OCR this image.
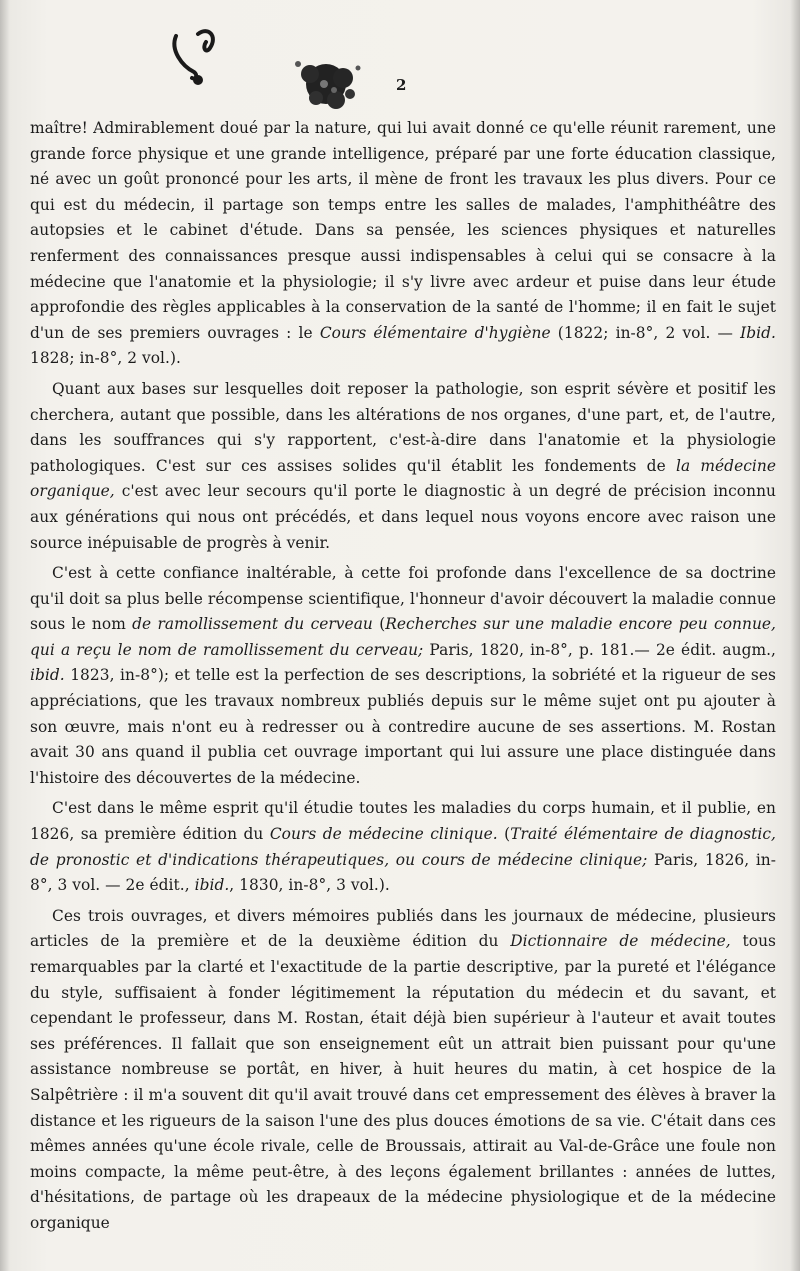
2

maître! Admirablement doué par la nature, qui lui avait donné ce qu'elle réunit rarement, une grande force physique et une grande intelligence, préparé par une forte éducation classique, né avec un goût prononcé pour les arts, il mène de front les travaux les plus divers. Pour ce qui est du médecin, il partage son temps entre les salles de malades, l'amphithéâtre des autopsies et le cabinet d'étude. Dans sa pensée, les sciences physiques et naturelles renferment des connaissances presque aussi indispensables à celui qui se consacre à la médecine que l'anatomie et la physiologie; il s'y livre avec ardeur et puise dans leur étude approfondie des règles applicables à la conservation de la santé de l'homme; il en fait le sujet d'un de ses premiers ouvrages : le Cours élémentaire d'hygiène (1822; in-8°, 2 vol. — Ibid. 1828; in-8°, 2 vol.).

Quant aux bases sur lesquelles doit reposer la pathologie, son esprit sévère et positif les cherchera, autant que possible, dans les altérations de nos organes, d'une part, et, de l'autre, dans les souffrances qui s'y rapportent, c'est-à-dire dans l'anatomie et la physiologie pathologiques. C'est sur ces assises solides qu'il établit les fondements de la médecine organique, c'est avec leur secours qu'il porte le diagnostic à un degré de précision inconnu aux générations qui nous ont précédés, et dans lequel nous voyons encore avec raison une source inépuisable de progrès à venir.

C'est à cette confiance inaltérable, à cette foi profonde dans l'excellence de sa doctrine qu'il doit sa plus belle récompense scientifique, l'honneur d'avoir découvert la maladie connue sous le nom de ramollissement du cerveau (Recherches sur une maladie encore peu connue, qui a reçu le nom de ramollissement du cerveau; Paris, 1820, in-8°, p. 181.— 2e édit. augm., ibid. 1823, in-8°); et telle est la perfection de ses descriptions, la sobriété et la rigueur de ses appréciations, que les travaux nombreux publiés depuis sur le même sujet ont pu ajouter à son œuvre, mais n'ont eu à redresser ou à contredire aucune de ses assertions. M. Rostan avait 30 ans quand il publia cet ouvrage important qui lui assure une place distinguée dans l'histoire des découvertes de la médecine.

C'est dans le même esprit qu'il étudie toutes les maladies du corps humain, et il publie, en 1826, sa première édition du Cours de médecine clinique. (Traité élémentaire de diagnostic, de pronostic et d'indications thérapeutiques, ou cours de médecine clinique; Paris, 1826, in-8°, 3 vol. — 2e édit., ibid., 1830, in-8°, 3 vol.).

Ces trois ouvrages, et divers mémoires publiés dans les journaux de médecine, plusieurs articles de la première et de la deuxième édition du Dictionnaire de médecine, tous remarquables par la clarté et l'exactitude de la partie descriptive, par la pureté et l'élégance du style, suffisaient à fonder légitimement la réputation du médecin et du savant, et cependant le professeur, dans M. Rostan, était déjà bien supérieur à l'auteur et avait toutes ses préférences. Il fallait que son enseignement eût un attrait bien puissant pour qu'une assistance nombreuse se portât, en hiver, à huit heures du matin, à cet hospice de la Salpêtrière : il m'a souvent dit qu'il avait trouvé dans cet empressement des élèves à braver la distance et les rigueurs de la saison l'une des plus douces émotions de sa vie. C'était dans ces mêmes années qu'une école rivale, celle de Broussais, attirait au Val-de-Grâce une foule non moins compacte, la même peut-être, à des leçons également brillantes : années de luttes, d'hésitations, de partage où les drapeaux de la médecine physiologique et de la médecine organique
